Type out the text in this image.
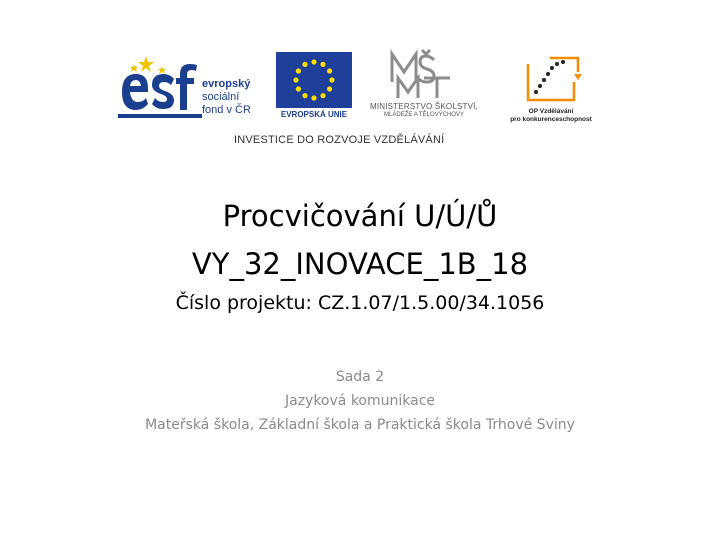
evropský
sociální
fond v ČR	EVROPSKÁ UNIE
MINISTERSTVO ŠKOLSTVÍ,
MLÁDEŽE A TĚLOVÝCHOVY	OP Vzdělávání
pro konkurenceschopnost
INVESTICE DO ROZVOJE VZDĚLÁVÁNÍ
Procvičování U/Ú/Ů
VY_32_INOVACE_1B_18
Číslo projektu: CZ.1.07/1.5.00/34.1056
Sada 2
Jazyková komunikace
Mateřská škola, Základní škola a Praktická škola Trhové Sviny
